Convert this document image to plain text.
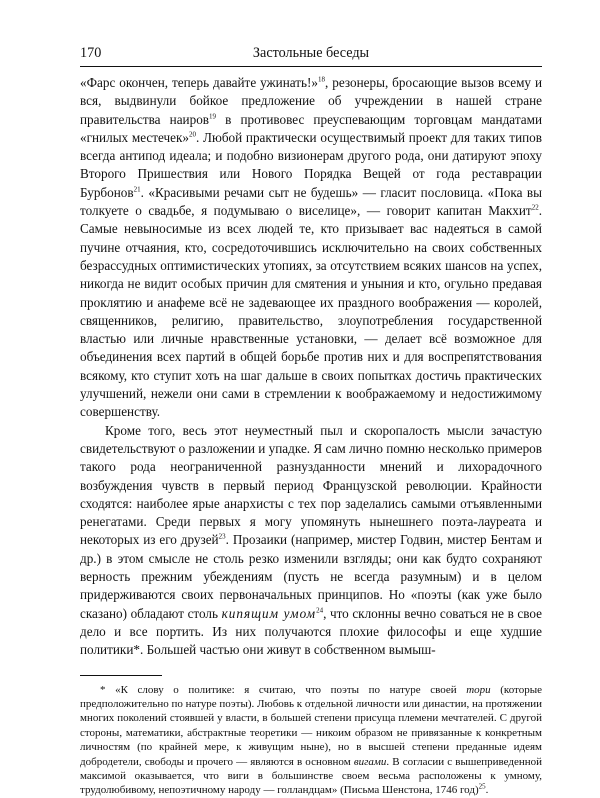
170	Застольные беседы

«Фарс окончен, теперь давайте ужинать!»$^{18}$, резонеры, бросающие вызов всему и вся, выдвинули бойкое предложение об учреждении в нашей стране правительства наиров$^{19}$ в противовес преуспевающим торговцам мандатами «гнилых местечек»$^{20}$. Любой практически осуществимый проект для таких типов всегда антипод идеала; и подобно визионерам другого рода, они датируют эпоху Второго Пришествия или Нового Порядка Вещей от года реставрации Бурбонов$^{21}$. «Красивыми речами сыт не будешь» — гласит пословица. «Пока вы толкуете о свадьбе, я подумываю о виселице», — говорит капитан Макхит$^{22}$. Самые невыносимые из всех людей те, кто призывает вас надеяться в самой пучине отчаяния, кто, сосредоточившись исключительно на своих собственных безрассудных оптимистических утопиях, за отсутствием всяких шансов на успех, никогда не видит особых причин для смятения и уныния и кто, огульно предавая проклятию и анафеме всё не задевающее их праздного воображения — королей, священников, религию, правительство, злоупотребления государственной властью или личные нравственные установки, — делает всё возможное для объединения всех партий в общей борьбе против них и для воспрепятствования всякому, кто ступит хоть на шаг дальше в своих попытках достичь практических улучшений, нежели они сами в стремлении к воображаемому и недостижимому совершенству.

Кроме того, весь этот неуместный пыл и скоропалость мысли зачастую свидетельствуют о разложении и упадке. Я сам лично помню несколько примеров такого рода неограниченной разнузданности мнений и лихорадочного возбуждения чувств в первый период Французской революции. Крайности сходятся: наиболее ярые анархисты с тех пор заделались самыми отъявленными ренегатами. Среди первых я могу упомянуть нынешнего поэта-лауреата и некоторых из его друзей$^{23}$. Прозаики (например, мистер Годвин, мистер Бентам и др.) в этом смысле не столь резко изменили взгляды; они как будто сохраняют верность прежним убеждениям (пусть не всегда разумным) и в целом придерживаются своих первоначальных принципов. Но «поэты (как уже было сказано) обладают столь кипящим умом$^{24}$, что склонны вечно соваться не в свое дело и все портить. Из них получаются плохие философы и еще худшие политики*. Большей частью они живут в собственном вымыш-

* «К слову о политике: я считаю, что поэты по натуре своей тори (которые предположительно по натуре поэты). Любовь к отдельной личности или династии, на протяжении многих поколений стоявшей у власти, в большей степени присуща племени мечтателей. С другой стороны, математики, абстрактные теоретики — никоим образом не привязанные к конкретным личностям (по крайней мере, к живущим ныне), но в высшей степени преданные идеям добродетели, свободы и прочего — являются в основном вигами. В согласии с вышеприведенной максимой оказывается, что виги в большинстве своем весьма расположены к умному, трудолюбивому, непоэтичному народу — голландцам» (Письма Шенстона, 1746 год)$^{25}$.
